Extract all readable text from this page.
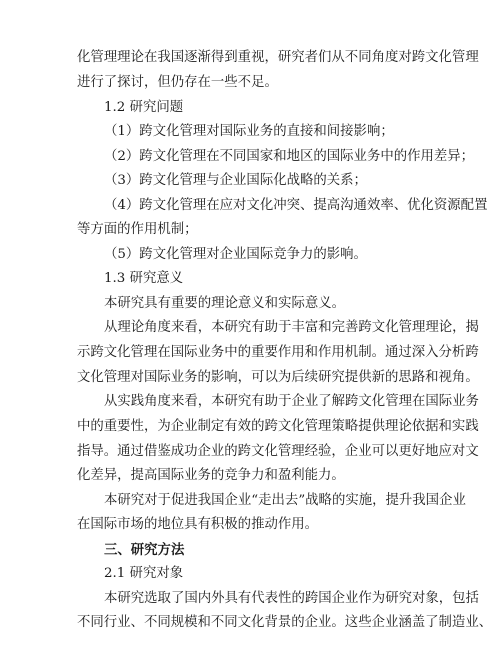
化管理理论在我国逐渐得到重视，研究者们从不同角度对跨文化管理
进行了探讨，但仍存在一些不足。
1.2 研究问题
（1）跨文化管理对国际业务的直接和间接影响；
（2）跨文化管理在不同国家和地区的国际业务中的作用差异；
（3）跨文化管理与企业国际化战略的关系；
（4）跨文化管理在应对文化冲突、提高沟通效率、优化资源配置
等方面的作用机制；
（5）跨文化管理对企业国际竞争力的影响。
1.3 研究意义
本研究具有重要的理论意义和实际意义。
从理论角度来看，本研究有助于丰富和完善跨文化管理理论，揭
示跨文化管理在国际业务中的重要作用和作用机制。通过深入分析跨
文化管理对国际业务的影响，可以为后续研究提供新的思路和视角。
从实践角度来看，本研究有助于企业了解跨文化管理在国际业务
中的重要性，为企业制定有效的跨文化管理策略提供理论依据和实践
指导。通过借鉴成功企业的跨文化管理经验，企业可以更好地应对文
化差异，提高国际业务的竞争力和盈利能力。
本研究对于促进我国企业“走出去”战略的实施，提升我国企业
在国际市场的地位具有积极的推动作用。
三、研究方法
2.1 研究对象
本研究选取了国内外具有代表性的跨国企业作为研究对象，包括
不同行业、不同规模和不同文化背景的企业。这些企业涵盖了制造业、
